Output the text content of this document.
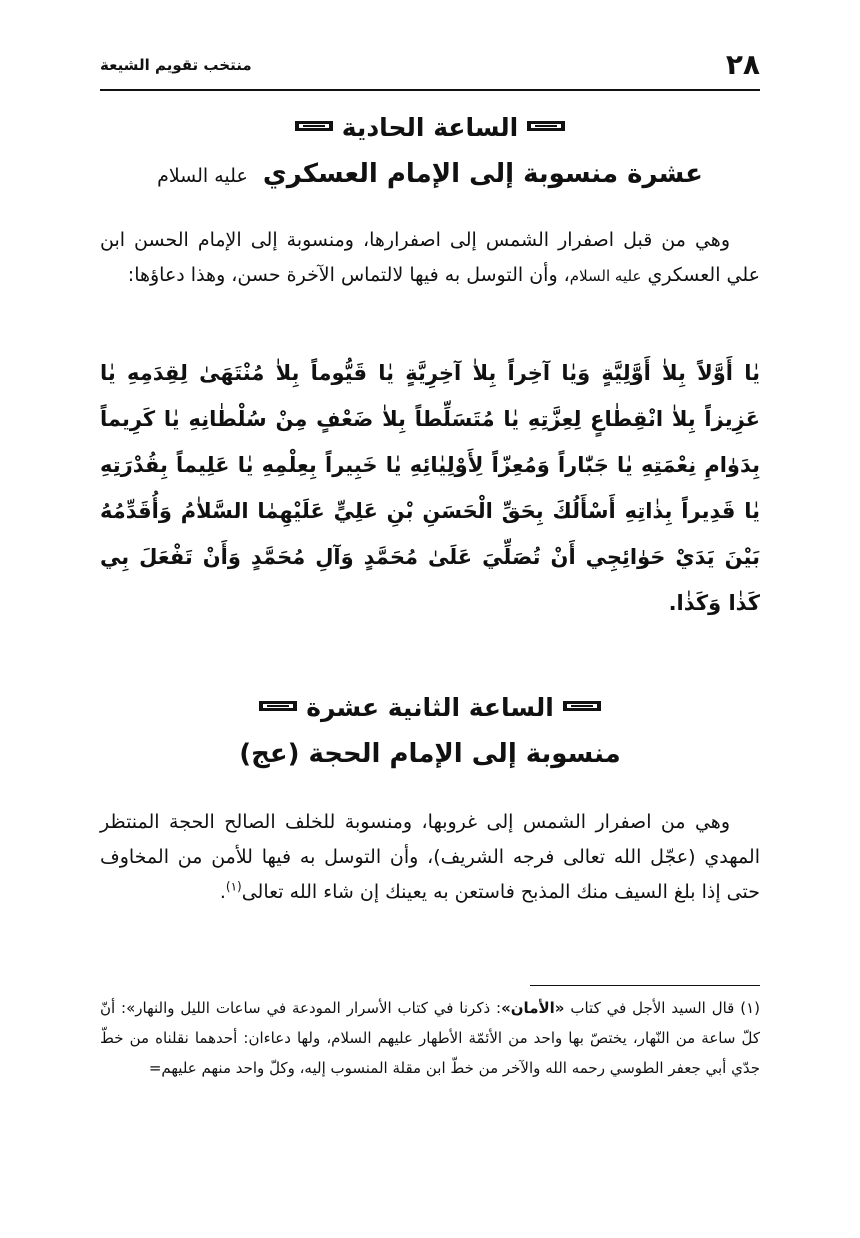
٢٨
منتخب تقويم الشيعة
الساعة الحادية
عشرة منسوبة إلى الإمام العسكري عليه السلام
وهي من قبل اصفرار الشمس إلى اصفرارها، ومنسوبة إلى الإمام الحسن ابن علي العسكري عليه السلام، وأن التوسل به فيها لالتماس الآخرة حسن، وهذا دعاؤها:
يٰا أَوَّلاً بِلاٰ أَوَّلِيَّةٍ وَيٰا آخِراً بِلاٰ آخِرِيَّةٍ يٰا قَيُّوماً بِلاٰ مُنْتَهَىٰ لِقِدَمِهِ يٰا عَزِيزاً بِلاٰ انْقِطٰاعٍ لِعِزَّتِهِ يٰا مُتَسَلِّطاً بِلاٰ ضَعْفٍ مِنْ سُلْطٰانِهِ يٰا كَرِيماً بِدَوٰامِ نِعْمَتِهِ يٰا جَبّٰاراً وَمُعِزّاً لِأَوْلِيٰائِهِ يٰا خَبِيراً بِعِلْمِهِ يٰا عَلِيماً بِقُدْرَتِهِ يٰا قَدِيراً بِذٰاتِهِ أَسْأَلُكَ بِحَقِّ الْحَسَنِ بْنِ عَلِيٍّ عَلَيْهِمٰا السَّلاٰمُ وَأُقَدِّمُهُ بَيْنَ يَدَيْ حَوٰائِجِي أَنْ تُصَلِّيَ عَلَىٰ مُحَمَّدٍ وَآلِ مُحَمَّدٍ وَأَنْ تَفْعَلَ بِي كَذٰا وَكَذٰا.
الساعة الثانية عشرة
منسوبة إلى الإمام الحجة (عج)
وهي من اصفرار الشمس إلى غروبها، ومنسوبة للخلف الصالح الحجة المنتظر المهدي (عجّل الله تعالى فرجه الشريف)، وأن التوسل به فيها للأمن من المخاوف حتى إذا بلغ السيف منك المذبح فاستعن به يعينك إن شاء الله تعالى$^{(١)}$.
(١) قال السيد الأجل في كتاب «الأمان»: ذكرنا في كتاب الأسرار المودعة في ساعات الليل والنهار»: أنّ كلّ ساعة من النّهار، يختصّ بها واحد من الأئمّة الأطهار عليهم السلام، ولها دعاءان: أحدهما نقلناه من خطّ جدّي أبي جعفر الطوسي رحمه الله والآخر من خطّ ابن مقلة المنسوب إليه، وكلّ واحد منهم عليهم=
